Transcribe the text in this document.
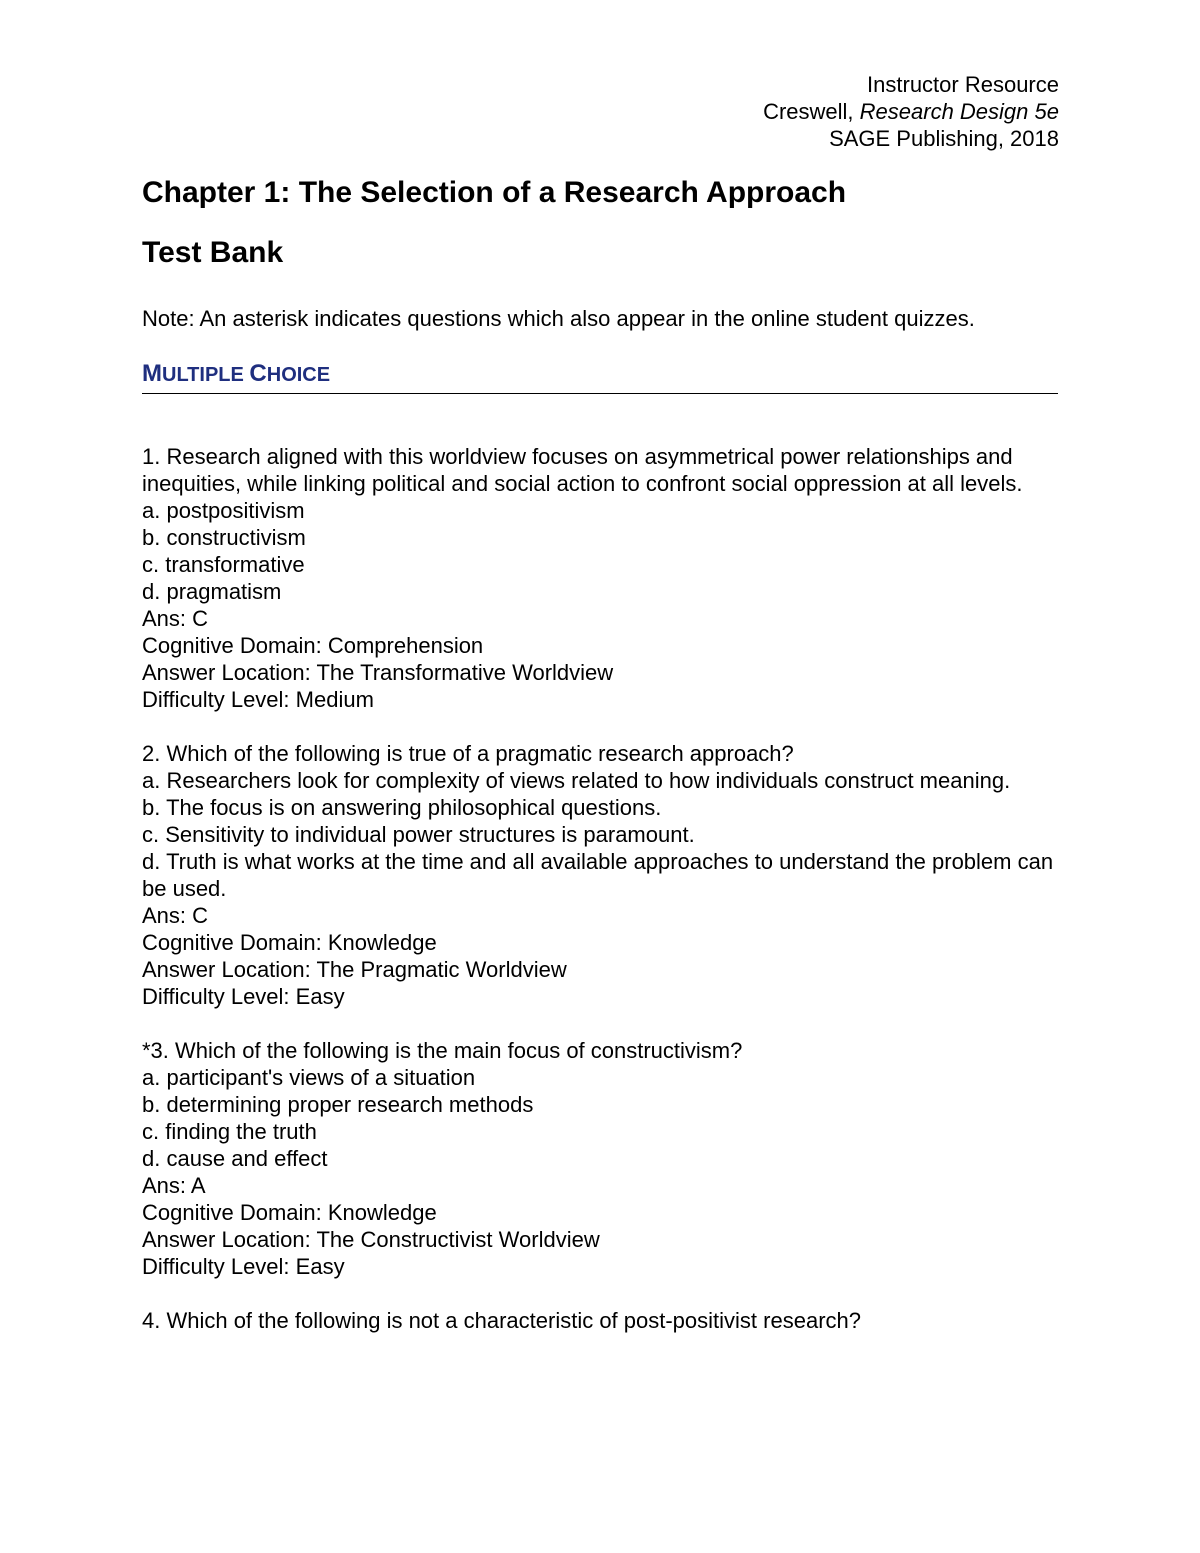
Instructor Resource
Creswell, Research Design 5e
SAGE Publishing, 2018
Chapter 1: The Selection of a Research Approach
Test Bank
Note: An asterisk indicates questions which also appear in the online student quizzes.
MULTIPLE CHOICE
1. Research aligned with this worldview focuses on asymmetrical power relationships and inequities, while linking political and social action to confront social oppression at all levels.
a. postpositivism
b. constructivism
c. transformative
d. pragmatism
Ans: C
Cognitive Domain: Comprehension
Answer Location: The Transformative Worldview
Difficulty Level: Medium
2. Which of the following is true of a pragmatic research approach?
a. Researchers look for complexity of views related to how individuals construct meaning.
b. The focus is on answering philosophical questions.
c. Sensitivity to individual power structures is paramount.
d. Truth is what works at the time and all available approaches to understand the problem can be used.
Ans: C
Cognitive Domain: Knowledge
Answer Location: The Pragmatic Worldview
Difficulty Level: Easy
*3. Which of the following is the main focus of constructivism?
a. participant's views of a situation
b. determining proper research methods
c. finding the truth
d. cause and effect
Ans: A
Cognitive Domain: Knowledge
Answer Location: The Constructivist Worldview
Difficulty Level: Easy
4. Which of the following is not a characteristic of post-positivist research?
